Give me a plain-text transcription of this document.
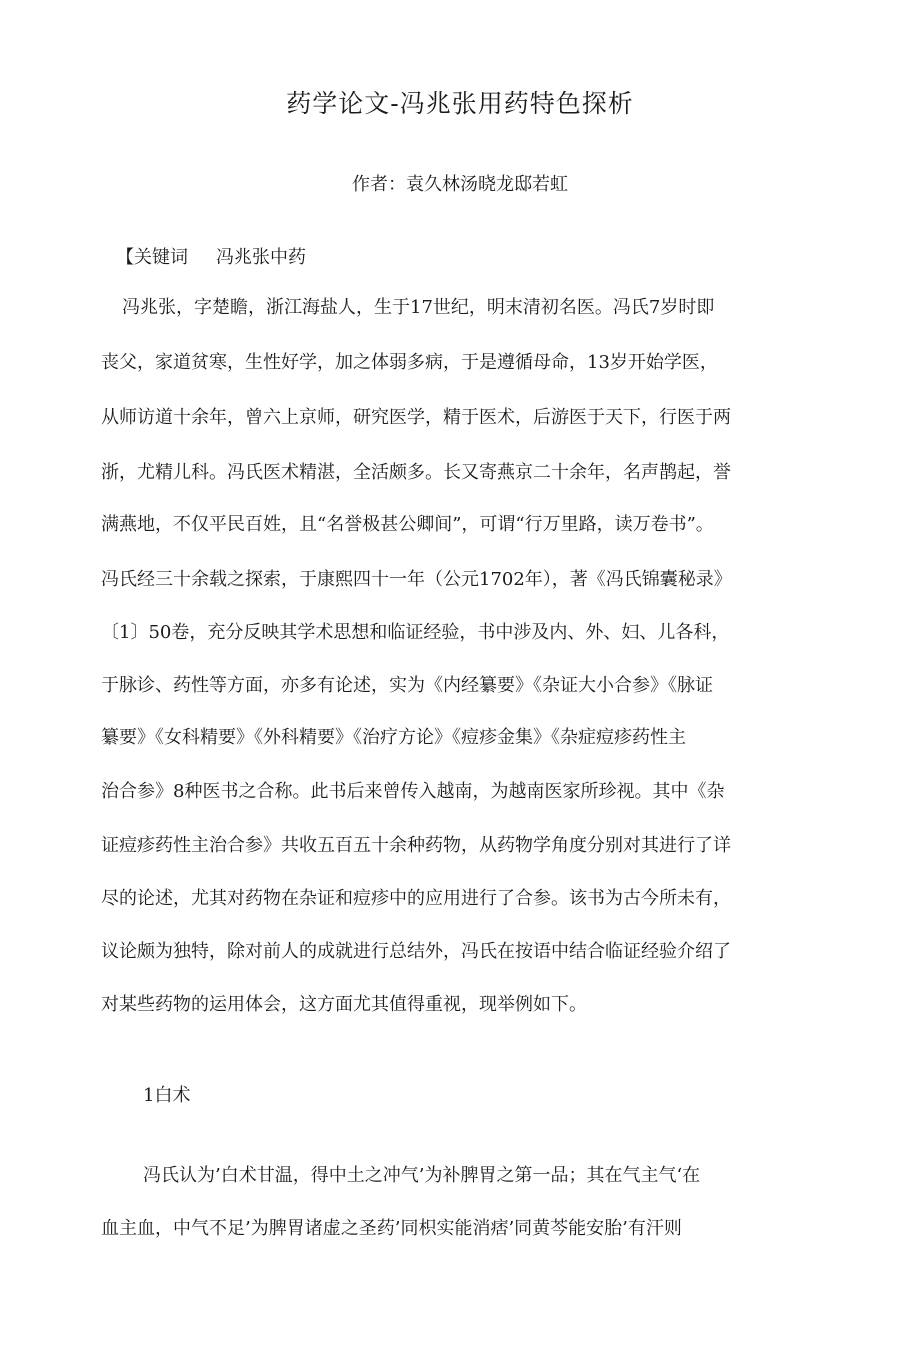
药学论文-冯兆张用药特色探析
作者：袁久林汤晓龙邸若虹
【关键词 冯兆张中药
冯兆张，字楚瞻，浙江海盐人，生于17世纪，明末清初名医。冯氏7岁时即
丧父，家道贫寒，生性好学，加之体弱多病，于是遵循母命，13岁开始学医，
从师访道十余年，曾六上京师，研究医学，精于医术，后游医于天下，行医于两
浙，尤精儿科。冯氏医术精湛，全活颇多。长又寄燕京二十余年，名声鹊起，誉
满燕地，不仅平民百姓，且“名誉极甚公卿间”，可谓“行万里路，读万卷书”。
冯氏经三十余载之探索，于康熙四十一年（公元1702年），著《冯氏锦囊秘录》
〔1〕50卷，充分反映其学术思想和临证经验，书中涉及内、外、妇、儿各科，
于脉诊、药性等方面，亦多有论述，实为《内经纂要》《杂证大小合参》《脉证
纂要》《女科精要》《外科精要》《治疗方论》《痘疹金集》《杂症痘疹药性主
治合参》8种医书之合称。此书后来曾传入越南，为越南医家所珍视。其中《杂
证痘疹药性主治合参》共收五百五十余种药物，从药物学角度分别对其进行了详
尽的论述，尤其对药物在杂证和痘疹中的应用进行了合参。该书为古今所未有，
议论颇为独特，除对前人的成就进行总结外，冯氏在按语中结合临证经验介绍了
对某些药物的运用体会，这方面尤其值得重视，现举例如下。
1白术
冯氏认为’白术甘温，得中土之冲气’为补脾胃之第一品；其在气主气‘在
血主血，中气不足’为脾胃诸虚之圣药’同枳实能消痞’同黄芩能安胎’有汗则
